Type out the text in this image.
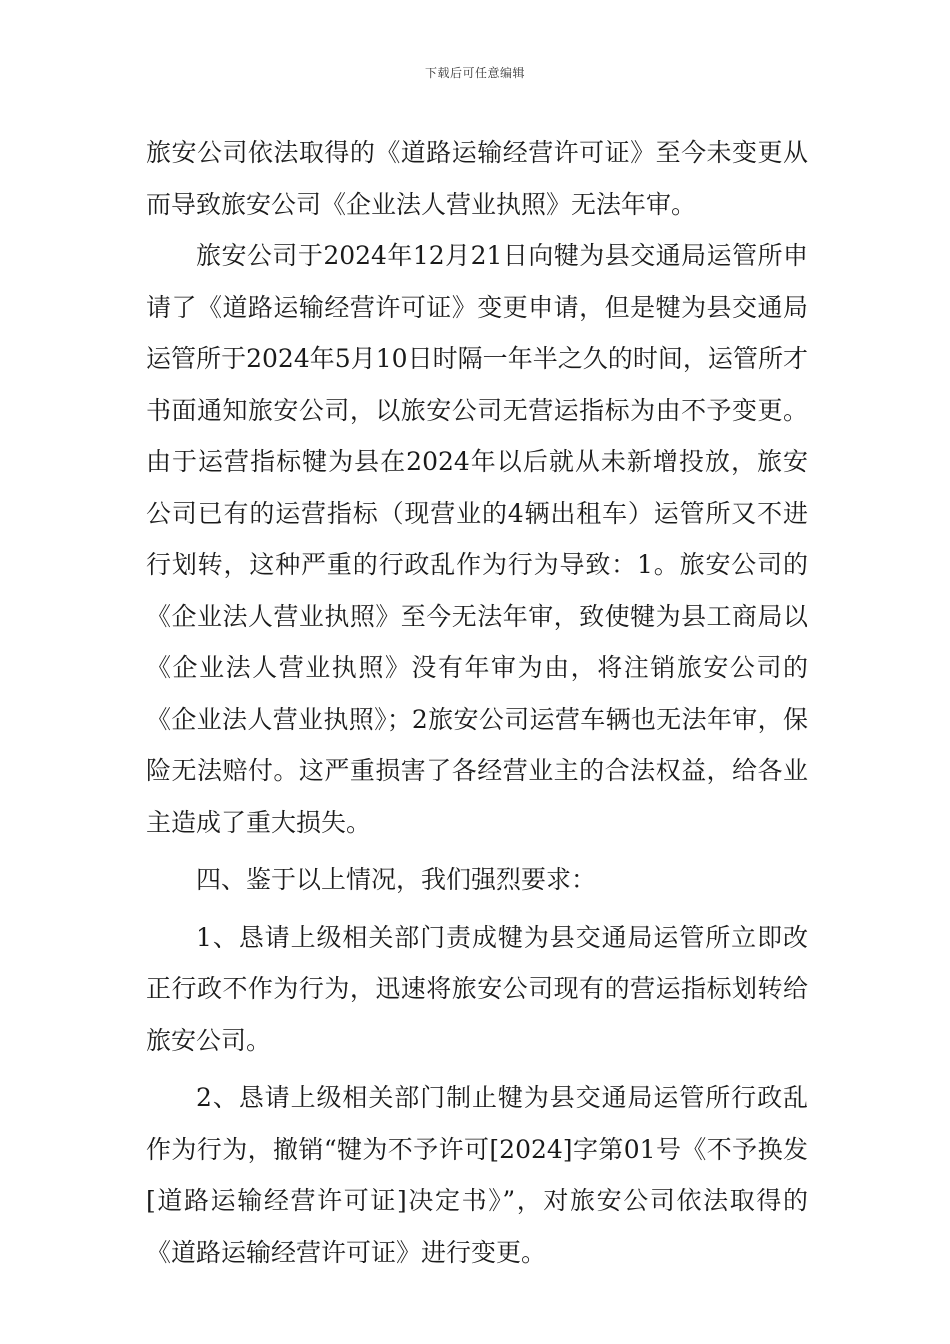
下载后可任意编辑

旅安公司依法取得的《道路运输经营许可证》至今未变更从而导致旅安公司《企业法人营业执照》无法年审。

旅安公司于2024年12月21日向犍为县交通局运管所申请了《道路运输经营许可证》变更申请，但是犍为县交通局运管所于2024年5月10日时隔一年半之久的时间，运管所才书面通知旅安公司，以旅安公司无营运指标为由不予变更。由于运营指标犍为县在2024年以后就从未新增投放，旅安公司已有的运营指标（现营业的4辆出租车）运管所又不进行划转，这种严重的行政乱作为行为导致：1。旅安公司的《企业法人营业执照》至今无法年审，致使犍为县工商局以《企业法人营业执照》没有年审为由，将注销旅安公司的《企业法人营业执照》；2旅安公司运营车辆也无法年审，保险无法赔付。这严重损害了各经营业主的合法权益，给各业主造成了重大损失。

四、鉴于以上情况，我们强烈要求：

1、恳请上级相关部门责成犍为县交通局运管所立即改正行政不作为行为，迅速将旅安公司现有的营运指标划转给旅安公司。

2、恳请上级相关部门制止犍为县交通局运管所行政乱作为行为，撤销“犍为不予许可[2024]字第01号《不予换发[道路运输经营许可证]决定书》”，对旅安公司依法取得的《道路运输经营许可证》进行变更。
